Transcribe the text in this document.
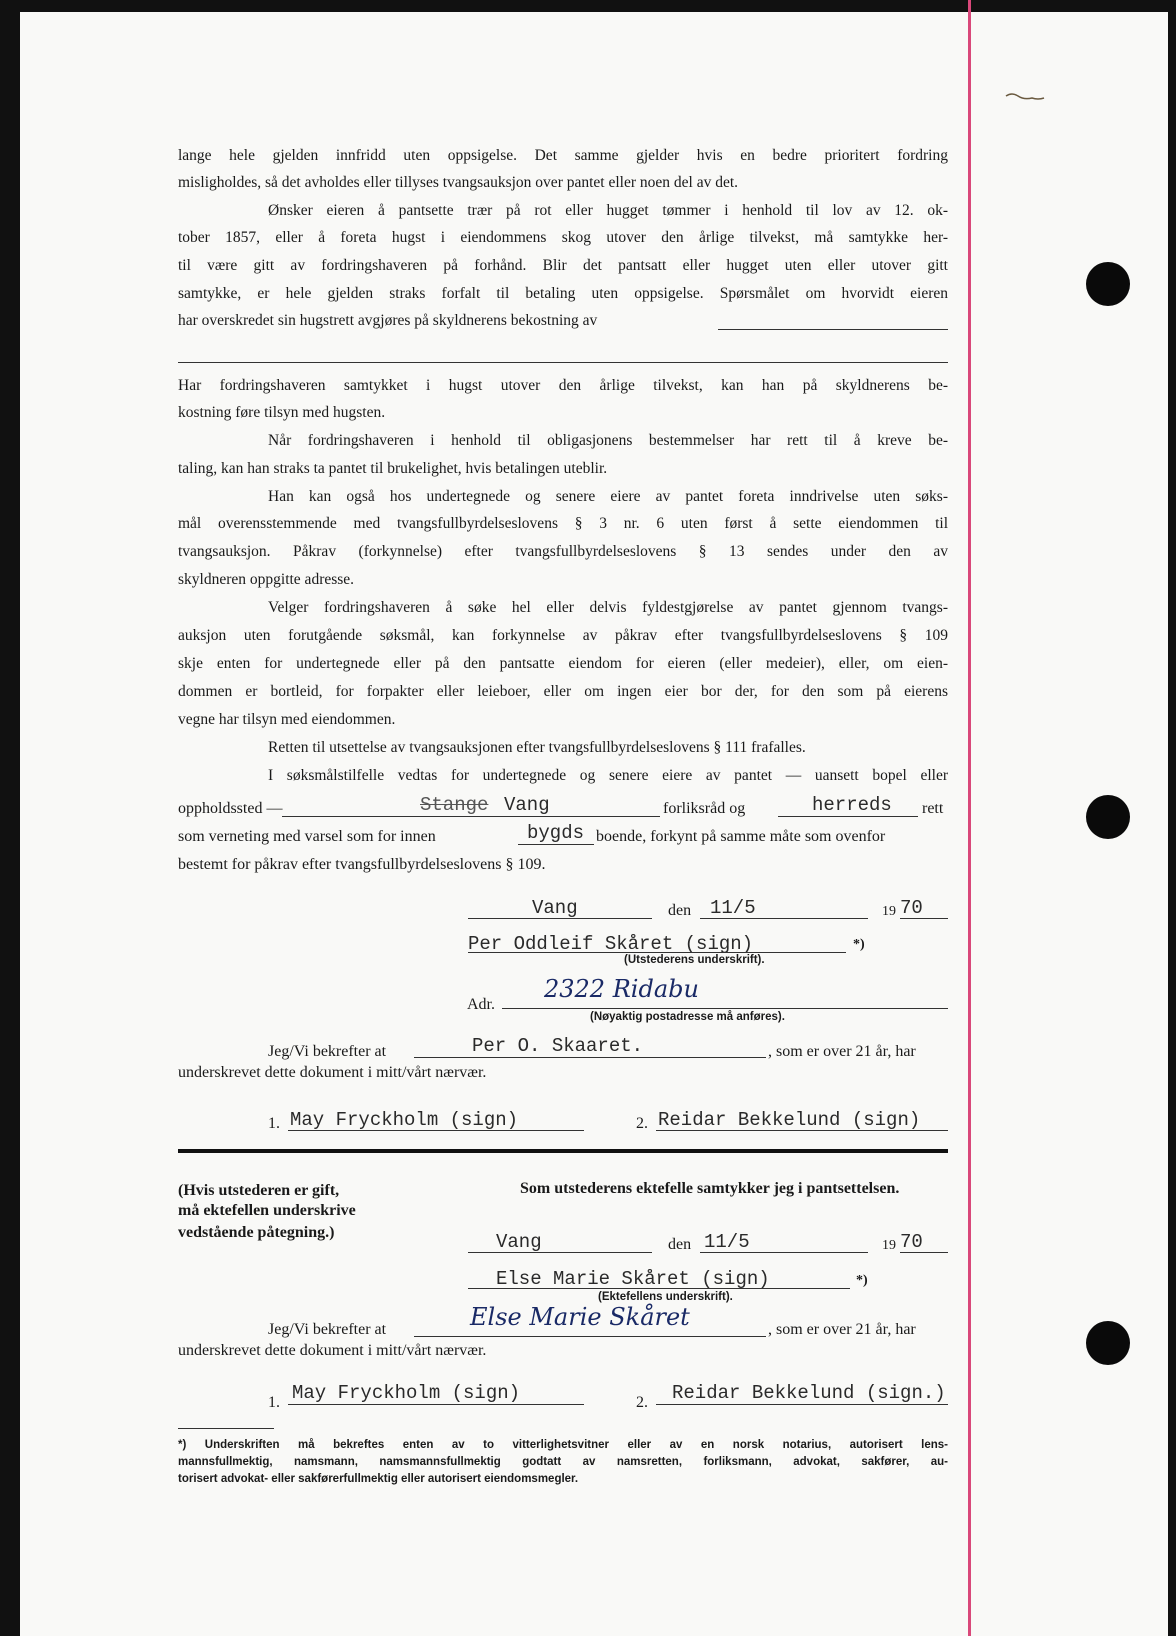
lange hele gjelden innfridd uten oppsigelse. Det samme gjelder hvis en bedre prioritert fordring
misligholdes, så det avholdes eller tillyses tvangsauksjon over pantet eller noen del av det.
Ønsker eieren å pantsette trær på rot eller hugget tømmer i henhold til lov av 12. ok-
tober 1857, eller å foreta hugst i eiendommens skog utover den årlige tilvekst, må samtykke her-
til være gitt av fordringshaveren på forhånd. Blir det pantsatt eller hugget uten eller utover gitt
samtykke, er hele gjelden straks forfalt til betaling uten oppsigelse. Spørsmålet om hvorvidt eieren
har overskredet sin hugstrett avgjøres på skyldnerens bekostning av
Har fordringshaveren samtykket i hugst utover den årlige tilvekst, kan han på skyldnerens be-
kostning føre tilsyn med hugsten.
Når fordringshaveren i henhold til obligasjonens bestemmelser har rett til å kreve be-
taling, kan han straks ta pantet til brukelighet, hvis betalingen uteblir.
Han kan også hos undertegnede og senere eiere av pantet foreta inndrivelse uten søks-
mål overensstemmende med tvangsfullbyrdelseslovens § 3 nr. 6 uten først å sette eiendommen til
tvangsauksjon. Påkrav (forkynnelse) efter tvangsfullbyrdelseslovens § 13 sendes under den av
skyldneren oppgitte adresse.
Velger fordringshaveren å søke hel eller delvis fyldestgjørelse av pantet gjennom tvangs-
auksjon uten forutgående søksmål, kan forkynnelse av påkrav efter tvangsfullbyrdelseslovens § 109
skje enten for undertegnede eller på den pantsatte eiendom for eieren (eller medeier), eller, om eien-
dommen er bortleid, for forpakter eller leieboer, eller om ingen eier bor der, for den som på eierens
vegne har tilsyn med eiendommen.
Retten til utsettelse av tvangsauksjonen efter tvangsfullbyrdelseslovens § 111 frafalles.
I søksmålstilfelle vedtas for undertegnede og senere eiere av pantet — uansett bopel eller
oppholdssted —	Stange Vang	forliksråd og	herreds rett
som verneting med varsel som for innen	bygds boende, forkynt på samme måte som ovenfor
bestemt for påkrav efter tvangsfullbyrdelseslovens § 109.
Vang	den 11/5	19 70
Per Oddleif Skåret (sign)	*)
(Utstederens underskrift).
Adr.
2322 Ridabu
(Nøyaktig postadresse må anføres).
Jeg/Vi bekrefter at	Per O. Skaaret.	, som er over 21 år, har
underskrevet dette dokument i mitt/vårt nærvær.
1. May Fryckholm (sign)	2. Reidar Bekkelund (sign)
(Hvis utstederen er gift,
må ektefellen underskrive
vedstående påtegning.)
Som utstederens ektefelle samtykker jeg i pantsettelsen.
Vang	den 11/5	19 70
Else Marie Skåret (sign)	*)
(Ektefellens underskrift).
Jeg/Vi bekrefter at	Else Marie Skåret	, som er over 21 år, har
underskrevet dette dokument i mitt/vårt nærvær.
1. May Fryckholm (sign)	2. Reidar Bekkelund (sign.)
*) Underskriften må bekreftes enten av to vitterlighetsvitner eller av en norsk notarius, autorisert lens-
mannsfullmektig, namsmann, namsmannsfullmektig godtatt av namsretten, forliksmann, advokat, sakfører, au-
torisert advokat- eller sakførerfullmektig eller autorisert eiendomsmegler.
